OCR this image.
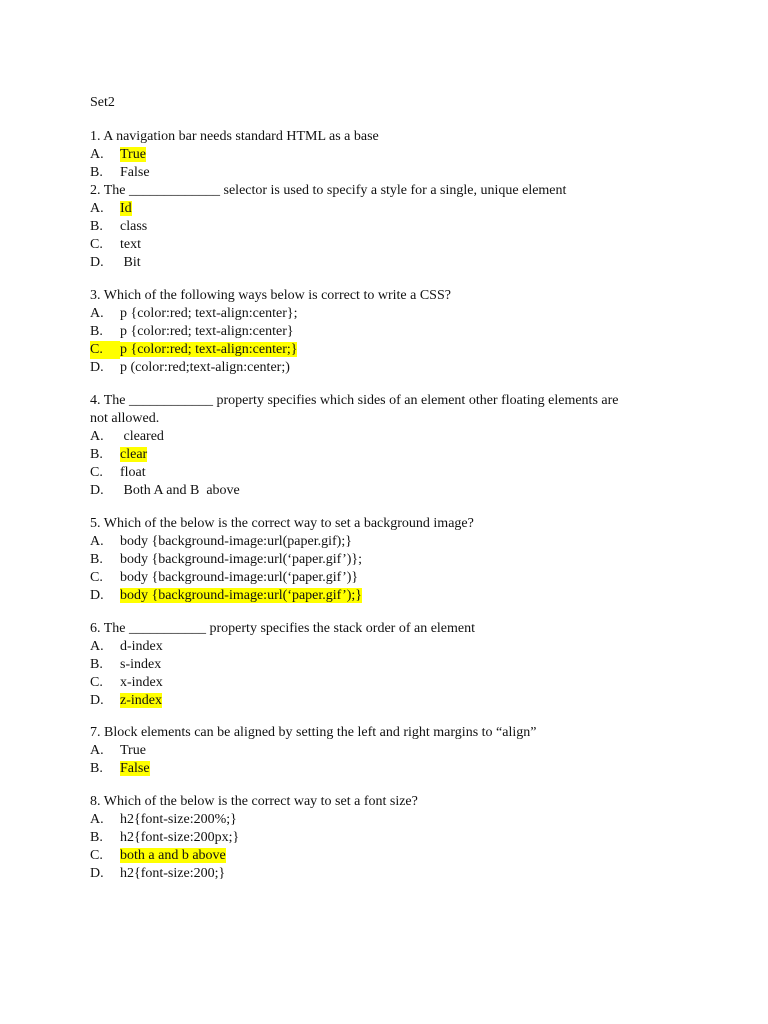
Set2
1. A navigation bar needs standard HTML as a base
A. True
B. False
2. The _____________ selector is used to specify a style for a single, unique element
A. Id
B. class
C. text
D. Bit
3. Which of the following ways below is correct to write a CSS?
A. p {color:red; text-align:center};
B. p {color:red; text-align:center}
C. p {color:red; text-align:center;}
D. p (color:red;text-align:center;)
4. The ____________ property specifies which sides of an element other floating elements are
not allowed.
A. cleared
B. clear
C. float
D. Both A and B  above
5. Which of the below is the correct way to set a background image?
A. body {background-image:url(paper.gif);}
B. body {background-image:url(‘paper.gif’)};
C. body {background-image:url(‘paper.gif’)}
D. body {background-image:url(‘paper.gif’);}
6. The ___________ property specifies the stack order of an element
A. d-index
B. s-index
C. x-index
D. z-index
7. Block elements can be aligned by setting the left and right margins to “align”
A. True
B. False
8. Which of the below is the correct way to set a font size?
A. h2{font-size:200%;}
B. h2{font-size:200px;}
C. both a and b above
D. h2{font-size:200;}
